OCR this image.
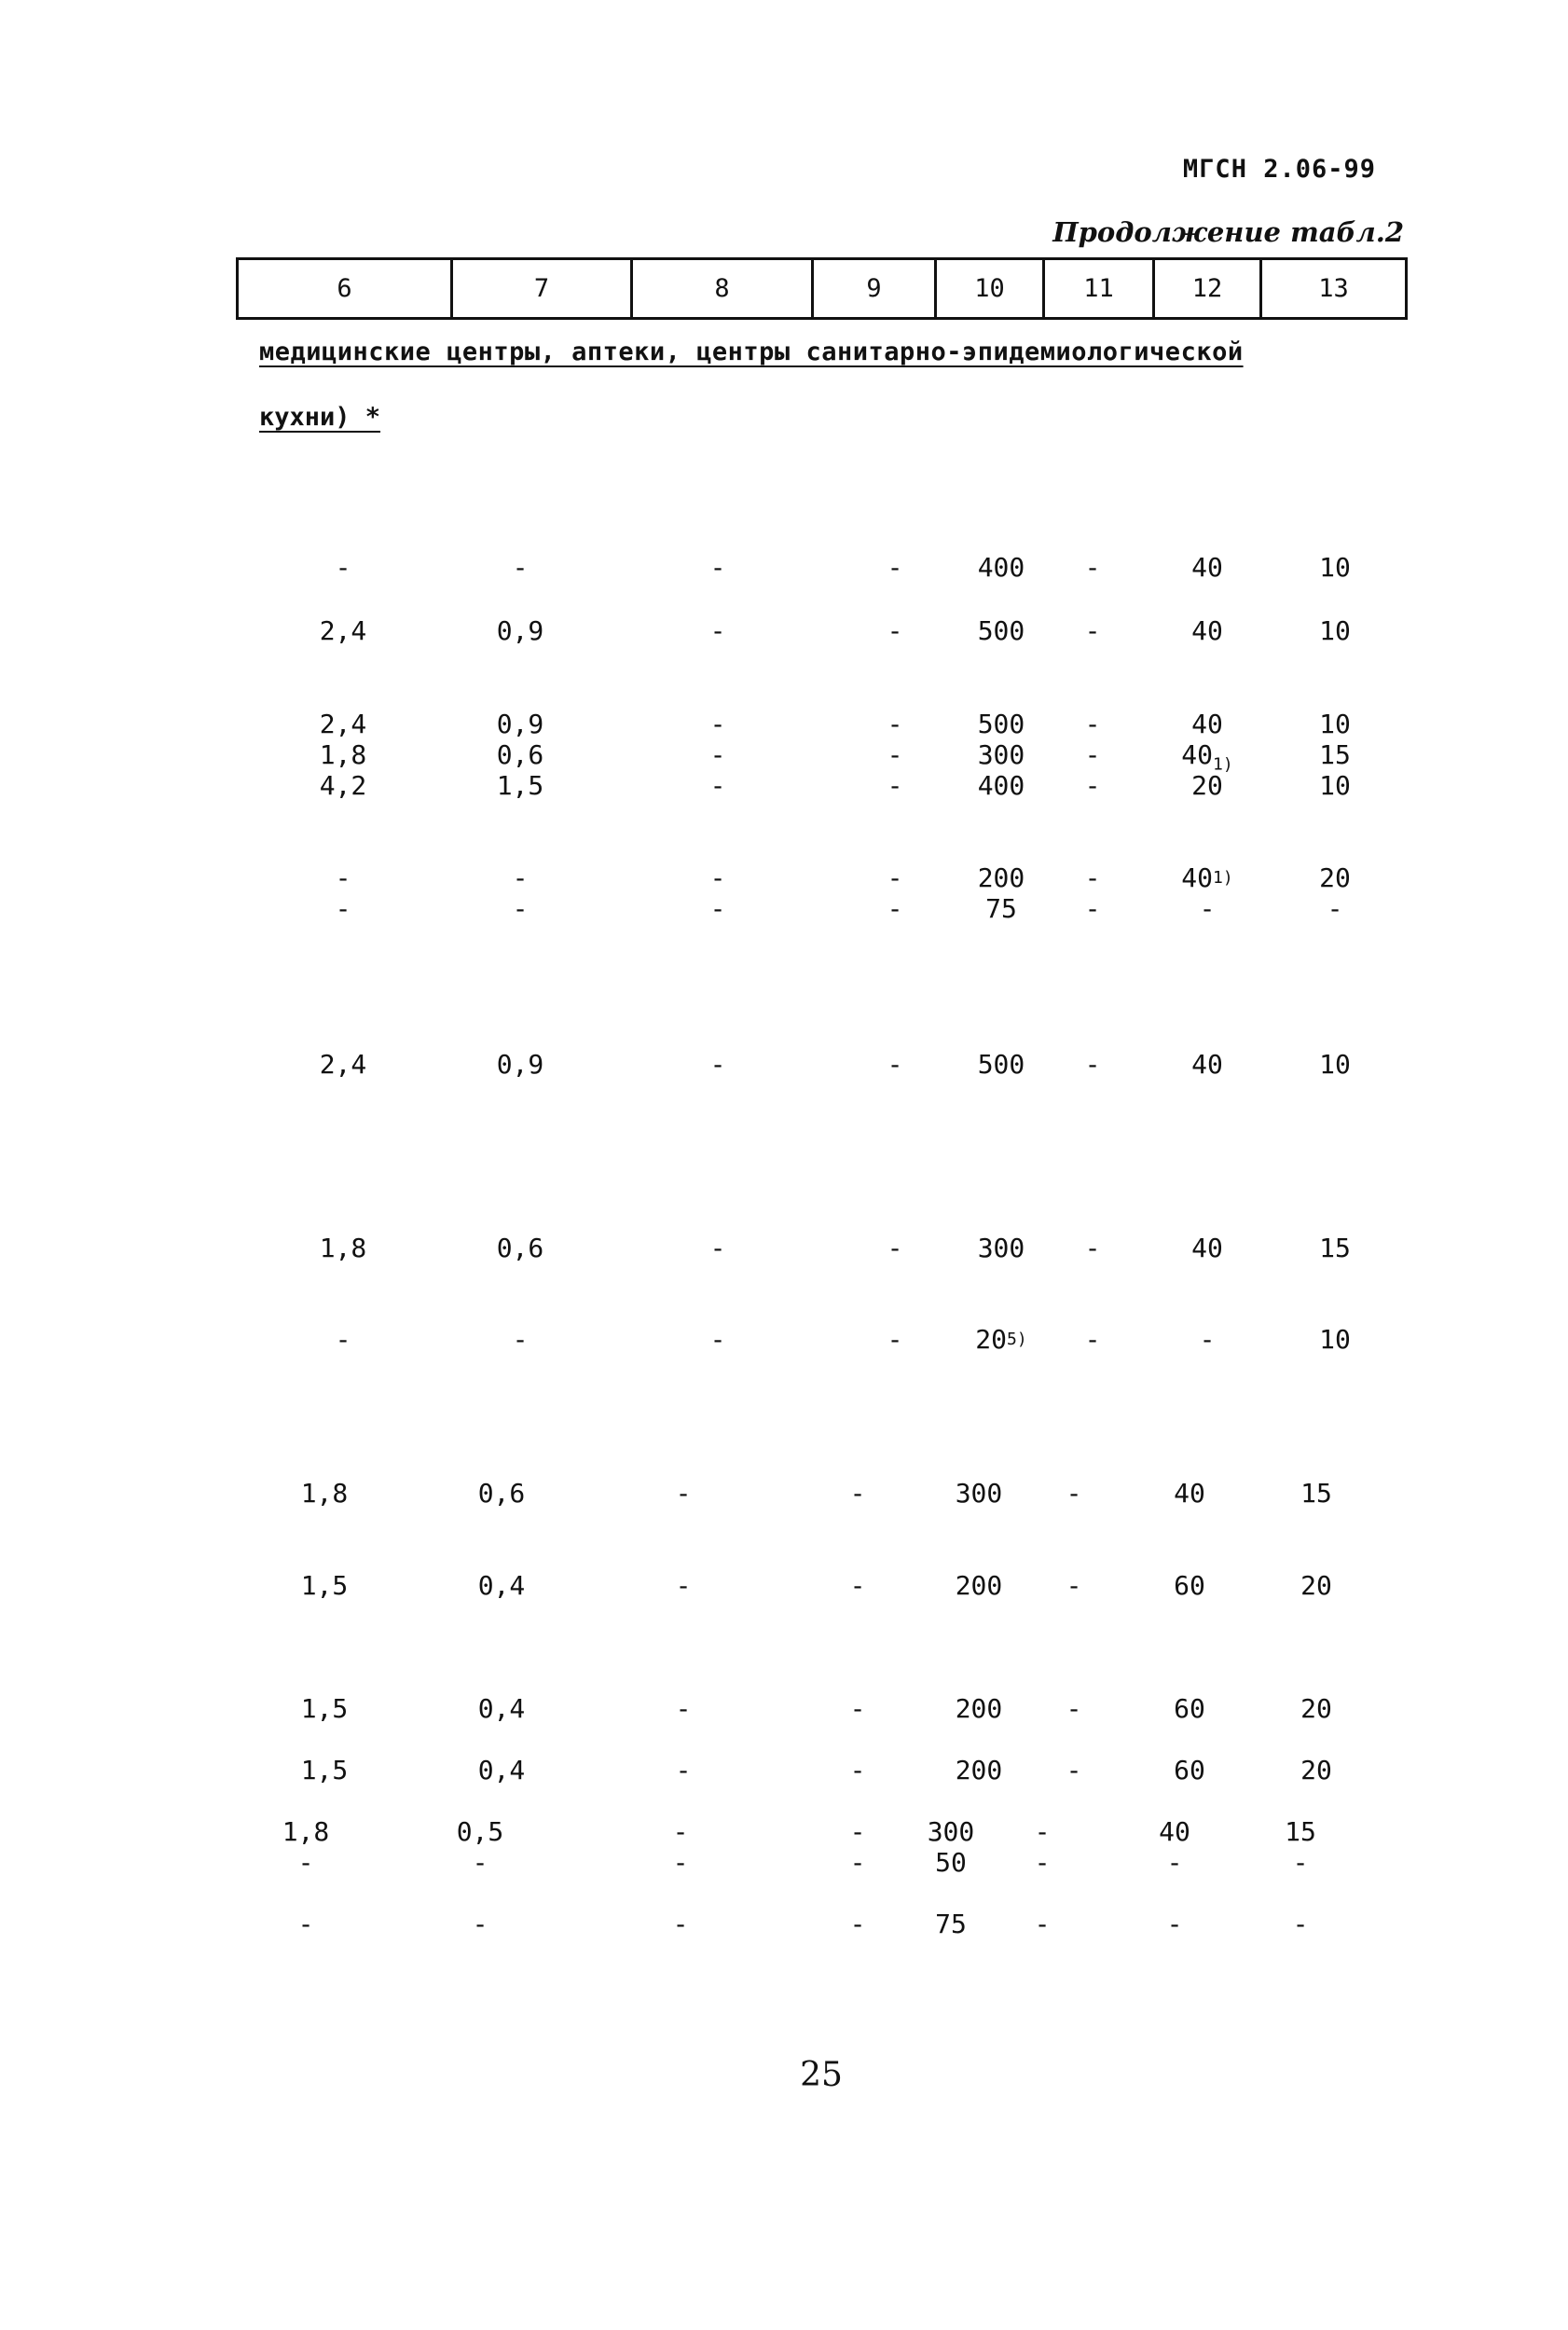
МГСН 2.06-99
Продолжение табл.2
6	7	8	9	10	11	12	13
медицинские центры, аптеки, центры санитарно-эпидемиологической
кухни) *
-	-	-	-	400	-	40	10
2,4	0,9	-	-	500	-	40	10
2,4	0,9	-	-	500	-	40	10
1,8	0,6	-	-	300	-	$40_{1)}$	15
4,2	1,5	-	-	400	-	20	10
-	-	-	-	200	-	40$^{1)}$	20
-	-	-	-	75	-	-	-
2,4	0,9	-	-	500	-	40	10
1,8	0,6	-	-	300	-	40	15
-	-	-	-	20$^{5)}$	-	-	10
1,8	0,6	-	-	300	-	40	15
1,5	0,4	-	-	200	-	60	20
1,5	0,4	-	-	200	-	60	20
1,5	0,4	-	-	200	-	60	20
1,8	0,5	-	-	300	-	40	15
-	-	-	-	50	-	-	-
-	-	-	-	75	-	-	-
25
